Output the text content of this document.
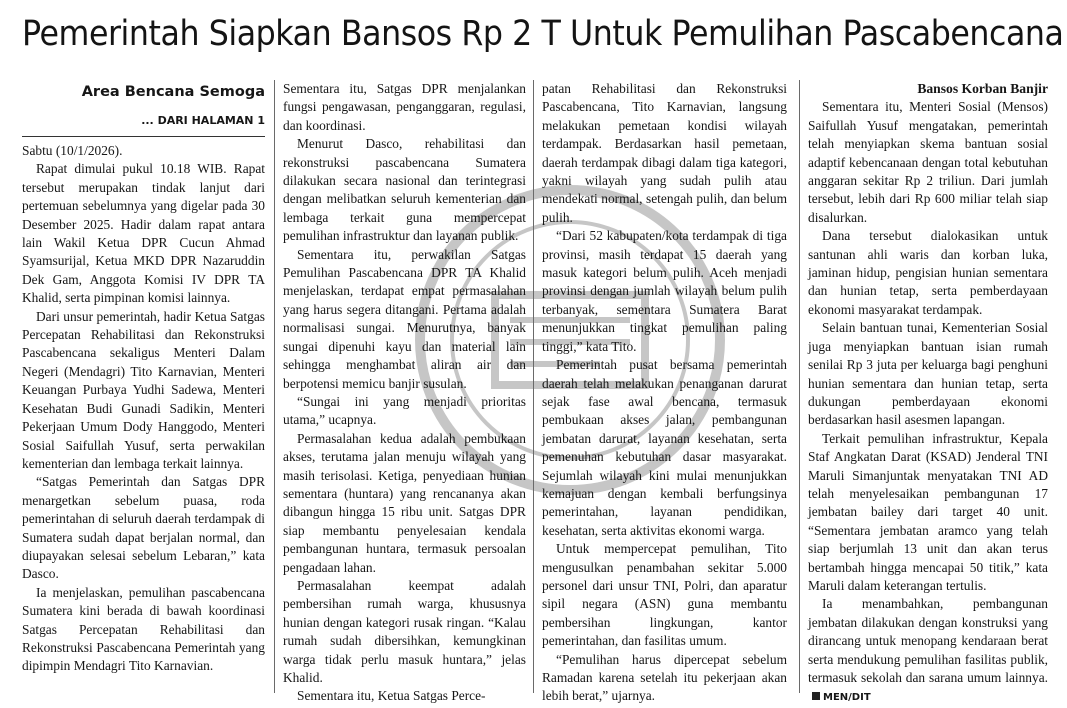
Pemerintah Siapkan Bansos Rp 2 T Untuk Pemulihan Pascabencana
Area Bencana Semoga
... DARI HALAMAN 1

Sabtu (10/1/2026).

Rapat dimulai pukul 10.18 WIB. Rapat tersebut merupakan tindak lanjut dari pertemuan sebelumnya yang digelar pada 30 Desember 2025. Hadir dalam rapat antara lain Wakil Ketua DPR Cucun Ahmad Syamsurijal, Ketua MKD DPR Nazaruddin Dek Gam, Anggota Komisi IV DPR TA Khalid, serta pimpinan komisi lainnya.

Dari unsur pemerintah, hadir Ketua Satgas Percepatan Rehabilitasi dan Rekonstruksi Pascabencana sekaligus Menteri Dalam Negeri (Mendagri) Tito Karnavian, Menteri Keuangan Purbaya Yudhi Sadewa, Menteri Kesehatan Budi Gunadi Sadikin, Menteri Pekerjaan Umum Dody Hanggodo, Menteri Sosial Saifullah Yusuf, serta perwakilan kementerian dan lembaga terkait lainnya.

“Satgas Pemerintah dan Satgas DPR menargetkan sebelum puasa, roda pemerintahan di seluruh daerah terdampak di Sumatera sudah dapat berjalan normal, dan diupayakan selesai sebelum Lebaran,” kata Dasco.

Ia menjelaskan, pemulihan pascabencana Sumatera kini berada di bawah koordinasi Satgas Percepatan Rehabilitasi dan Rekonstruksi Pascabencana Pemerintah yang dipimpin Mendagri Tito Karnavian.

Sementara itu, Satgas DPR menjalankan fungsi pengawasan, penganggaran, regulasi, dan koordinasi.

Menurut Dasco, rehabilitasi dan rekonstruksi pascabencana Sumatera dilakukan secara nasional dan terintegrasi dengan melibatkan seluruh kementerian dan lembaga terkait guna mempercepat pemulihan infrastruktur dan layanan publik.

Sementara itu, perwakilan Satgas Pemulihan Pascabencana DPR TA Khalid menjelaskan, terdapat empat permasalahan yang harus segera ditangani. Pertama adalah normalisasi sungai. Menurutnya, banyak sungai dipenuhi kayu dan material lain sehingga menghambat aliran air dan berpotensi memicu banjir susulan.

“Sungai ini yang menjadi prioritas utama,” ucapnya.

Permasalahan kedua adalah pembukaan akses, terutama jalan menuju wilayah yang masih terisolasi. Ketiga, penyediaan hunian sementara (huntara) yang rencananya akan dibangun hingga 15 ribu unit. Satgas DPR siap membantu penyelesaian kendala pembangunan huntara, termasuk persoalan pengadaan lahan.

Permasalahan keempat adalah pembersihan rumah warga, khususnya hunian dengan kategori rusak ringan. “Kalau rumah sudah dibersihkan, kemungkinan warga tidak perlu masuk huntara,” jelas Khalid.

Sementara itu, Ketua Satgas Perce-

patan Rehabilitasi dan Rekonstruksi Pascabencana, Tito Karnavian, langsung melakukan pemetaan kondisi wilayah terdampak. Berdasarkan hasil pemetaan, daerah terdampak dibagi dalam tiga kategori, yakni wilayah yang sudah pulih atau mendekati normal, setengah pulih, dan belum pulih.

“Dari 52 kabupaten/kota terdampak di tiga provinsi, masih terdapat 15 daerah yang masuk kategori belum pulih. Aceh menjadi provinsi dengan jumlah wilayah belum pulih terbanyak, sementara Sumatera Barat menunjukkan tingkat pemulihan paling tinggi,” kata Tito.

Pemerintah pusat bersama pemerintah daerah telah melakukan penanganan darurat sejak fase awal bencana, termasuk pembukaan akses jalan, pembangunan jembatan darurat, layanan kesehatan, serta pemenuhan kebutuhan dasar masyarakat. Sejumlah wilayah kini mulai menunjukkan kemajuan dengan kembali berfungsinya pemerintahan, layanan pendidikan, kesehatan, serta aktivitas ekonomi warga.

Untuk mempercepat pemulihan, Tito mengusulkan penambahan sekitar 5.000 personel dari unsur TNI, Polri, dan aparatur sipil negara (ASN) guna membantu pembersihan lingkungan, kantor pemerintahan, dan fasilitas umum.

“Pemulihan harus dipercepat sebelum Ramadan karena setelah itu pekerjaan akan lebih berat,” ujarnya.

Bansos Korban Banjir

Sementara itu, Menteri Sosial (Mensos) Saifullah Yusuf mengatakan, pemerintah telah menyiapkan skema bantuan sosial adaptif kebencanaan dengan total kebutuhan anggaran sekitar Rp 2 triliun. Dari jumlah tersebut, lebih dari Rp 600 miliar telah siap disalurkan.

Dana tersebut dialokasikan untuk santunan ahli waris dan korban luka, jaminan hidup, pengisian hunian sementara dan hunian tetap, serta pemberdayaan ekonomi masyarakat terdampak.

Selain bantuan tunai, Kementerian Sosial juga menyiapkan bantuan isian rumah senilai Rp 3 juta per keluarga bagi penghuni hunian sementara dan hunian tetap, serta dukungan pemberdayaan ekonomi berdasarkan hasil asesmen lapangan.

Terkait pemulihan infrastruktur, Kepala Staf Angkatan Darat (KSAD) Jenderal TNI Maruli Simanjuntak menyatakan TNI AD telah menyelesaikan pembangunan 17 jembatan bailey dari target 40 unit. “Sementara jembatan aramco yang telah siap berjumlah 13 unit dan akan terus bertambah hingga mencapai 50 titik,” kata Maruli dalam keterangan tertulis.

Ia menambahkan, pembangunan jembatan dilakukan dengan konstruksi yang dirancang untuk menopang kendaraan berat serta mendukung pemulihan fasilitas publik, termasuk sekolah dan sarana umum lainnya.MEN/DIT
